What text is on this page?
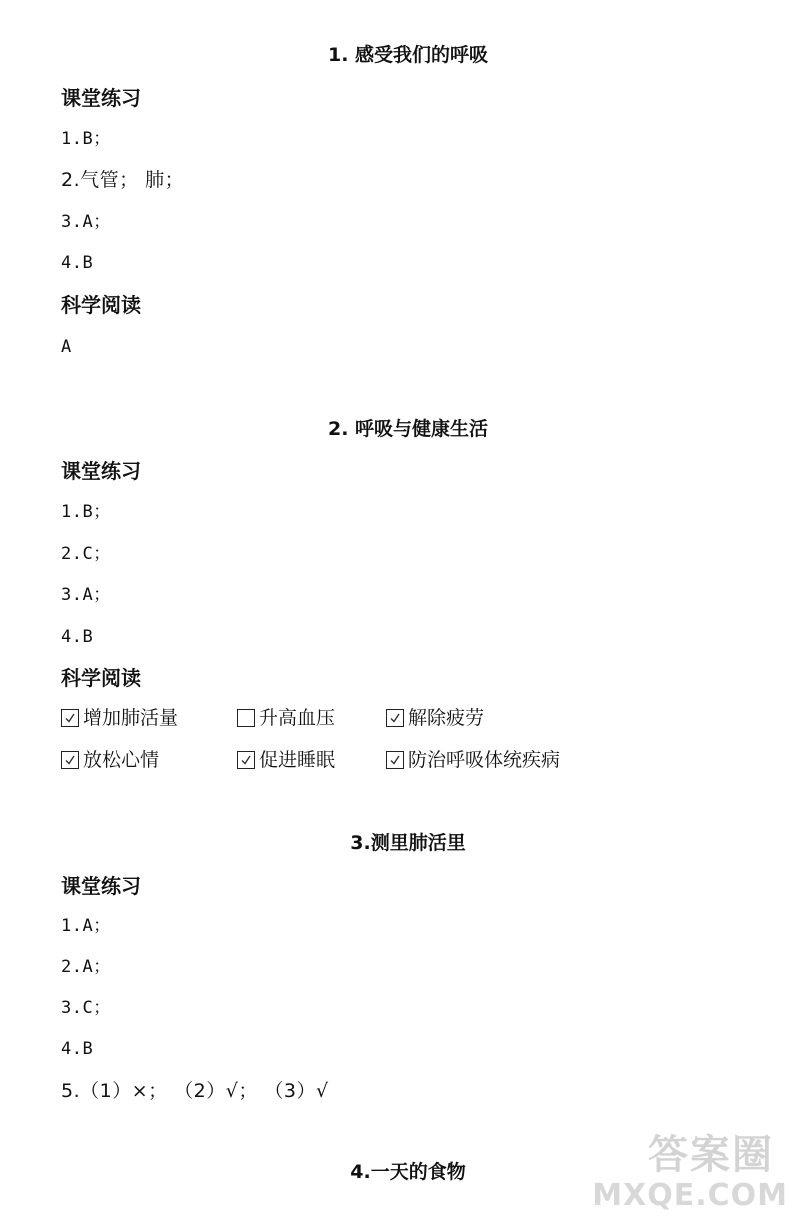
1. 感受我们的呼吸
课堂练习
1.B；
2.气管； 肺；
3.A；
4.B
科学阅读
A
2. 呼吸与健康生活
课堂练习
1.B；
2.C；
3.A；
4.B
科学阅读
增加肺活量	升高血压	解除疲劳
放松心情	促进睡眠	防治呼吸体统疾病
3.测里肺活里
课堂练习
1.A；
2.A；
3.C；
4.B
5.（1）×； （2）√； （3）√
4.一天的食物	答案圈
MXQE.COM
